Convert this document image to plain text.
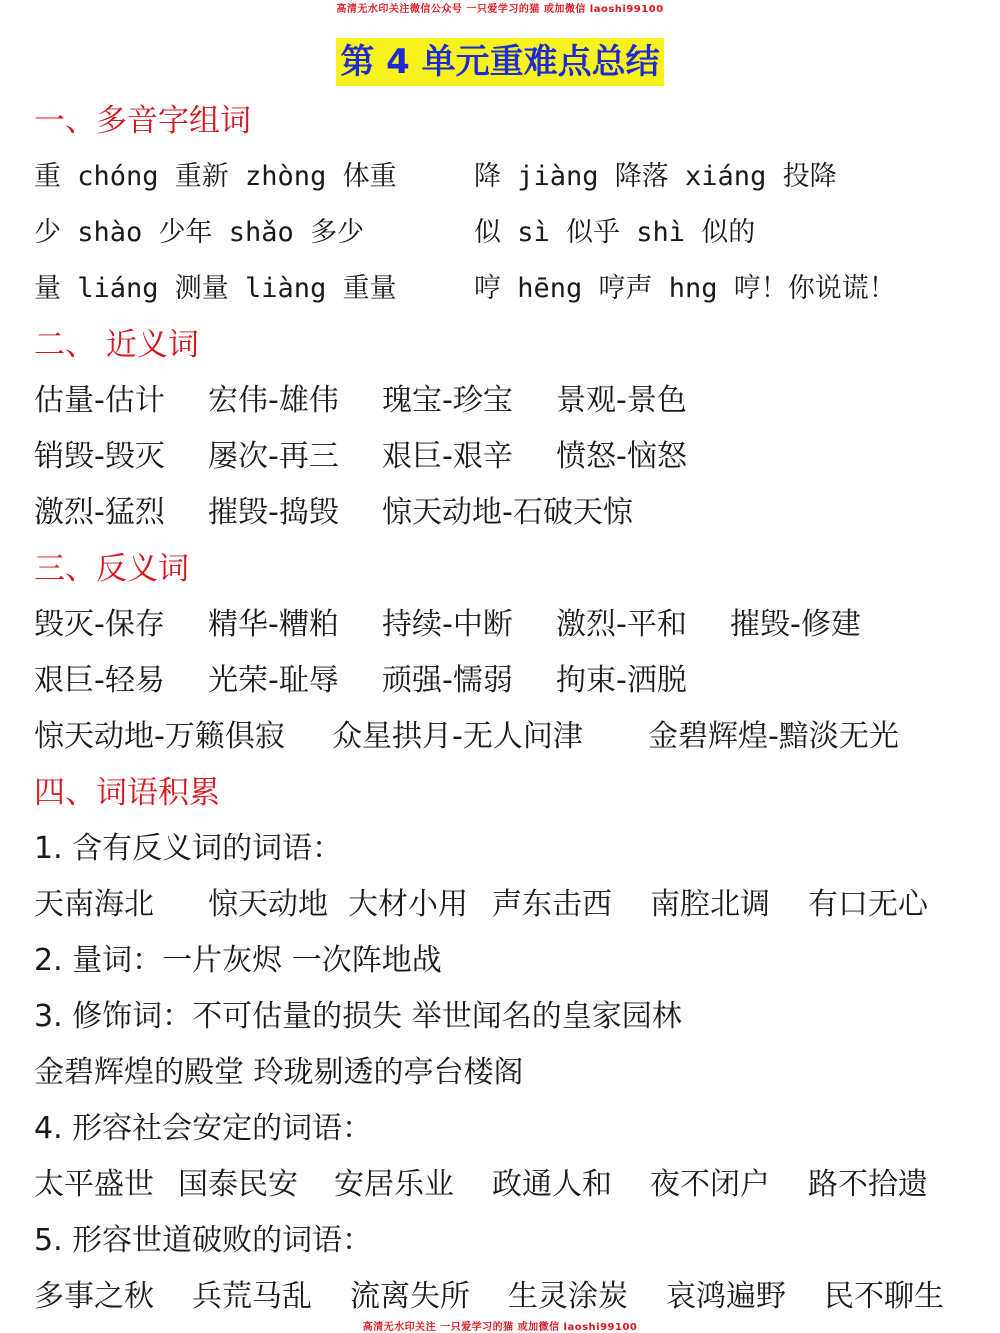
高清无水印关注微信公众号 一只爱学习的猫 或加微信 laoshi99100
第 4 单元重难点总结
一、多音字组词
重 chóng 重新 zhòng 体重	降 jiàng 降落 xiáng 投降
少 shào 少年 shǎo 多少	似 sì 似乎 shì 似的
量 liáng 测量 liàng 重量	哼 hēng 哼声 hng 哼！你说谎！
二、 近义词
估量-估计 宏伟-雄伟 瑰宝-珍宝 景观-景色
销毁-毁灭 屡次-再三 艰巨-艰辛 愤怒-恼怒
激烈-猛烈 摧毁-捣毁 惊天动地-石破天惊
三、反义词
毁灭-保存 精华-糟粕 持续-中断 激烈-平和 摧毁-修建
艰巨-轻易 光荣-耻辱 顽强-懦弱 拘束-洒脱
惊天动地-万籁俱寂 众星拱月-无人问津 金碧辉煌-黯淡无光
四、词语积累
1. 含有反义词的词语：
天南海北 惊天动地 大材小用 声东击西 南腔北调 有口无心
2. 量词：一片灰烬 一次阵地战
3. 修饰词：不可估量的损失 举世闻名的皇家园林
金碧辉煌的殿堂 玲珑剔透的亭台楼阁
4. 形容社会安定的词语：
太平盛世 国泰民安 安居乐业 政通人和 夜不闭户 路不拾遗
5. 形容世道破败的词语：
多事之秋 兵荒马乱 流离失所 生灵涂炭 哀鸿遍野 民不聊生
高清无水印关注 一只爱学习的猫 或加微信 laoshi99100
